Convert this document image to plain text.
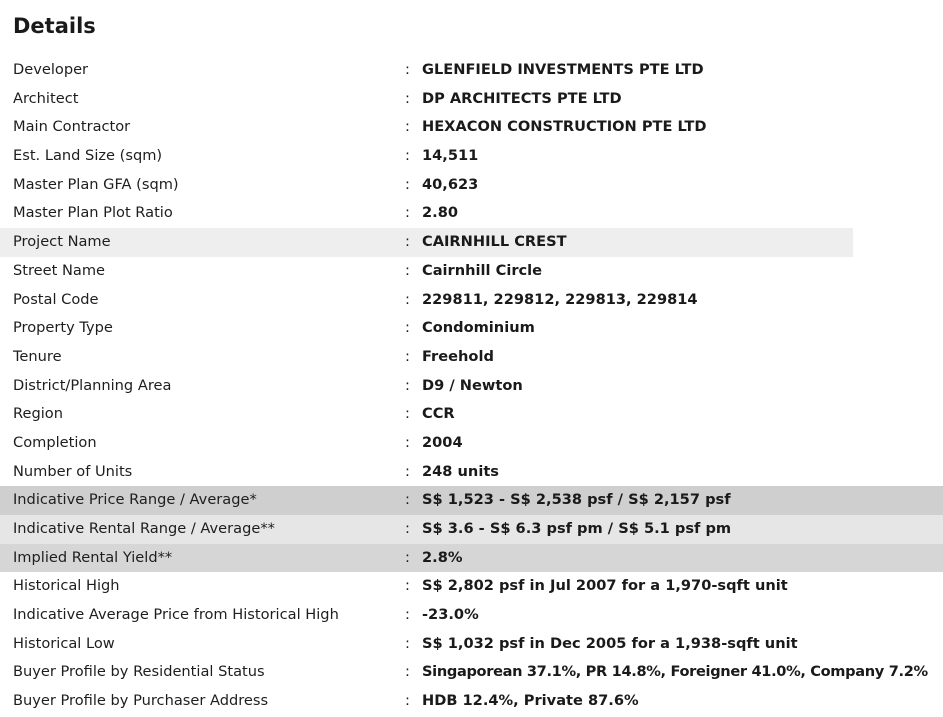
Details
Developer	: GLENFIELD INVESTMENTS PTE LTD
Architect	: DP ARCHITECTS PTE LTD
Main Contractor	: HEXACON CONSTRUCTION PTE LTD
Est. Land Size (sqm)	: 14,511
Master Plan GFA (sqm)	: 40,623
Master Plan Plot Ratio	: 2.80
Project Name	: CAIRNHILL CREST
Street Name	: Cairnhill Circle
Postal Code	: 229811, 229812, 229813, 229814
Property Type	: Condominium
Tenure	: Freehold
District/Planning Area	: D9 / Newton
Region	: CCR
Completion	: 2004
Number of Units	: 248 units
Indicative Price Range / Average*	: S$ 1,523 - S$ 2,538 psf / S$ 2,157 psf
Indicative Rental Range / Average**	: S$ 3.6 - S$ 6.3 psf pm / S$ 5.1 psf pm
Implied Rental Yield**	: 2.8%
Historical High	: S$ 2,802 psf in Jul 2007 for a 1,970-sqft unit
Indicative Average Price from Historical High	: -23.0%
Historical Low	: S$ 1,032 psf in Dec 2005 for a 1,938-sqft unit
Buyer Profile by Residential Status	: Singaporean 37.1%, PR 14.8%, Foreigner 41.0%, Company 7.2%
Buyer Profile by Purchaser Address	: HDB 12.4%, Private 87.6%
